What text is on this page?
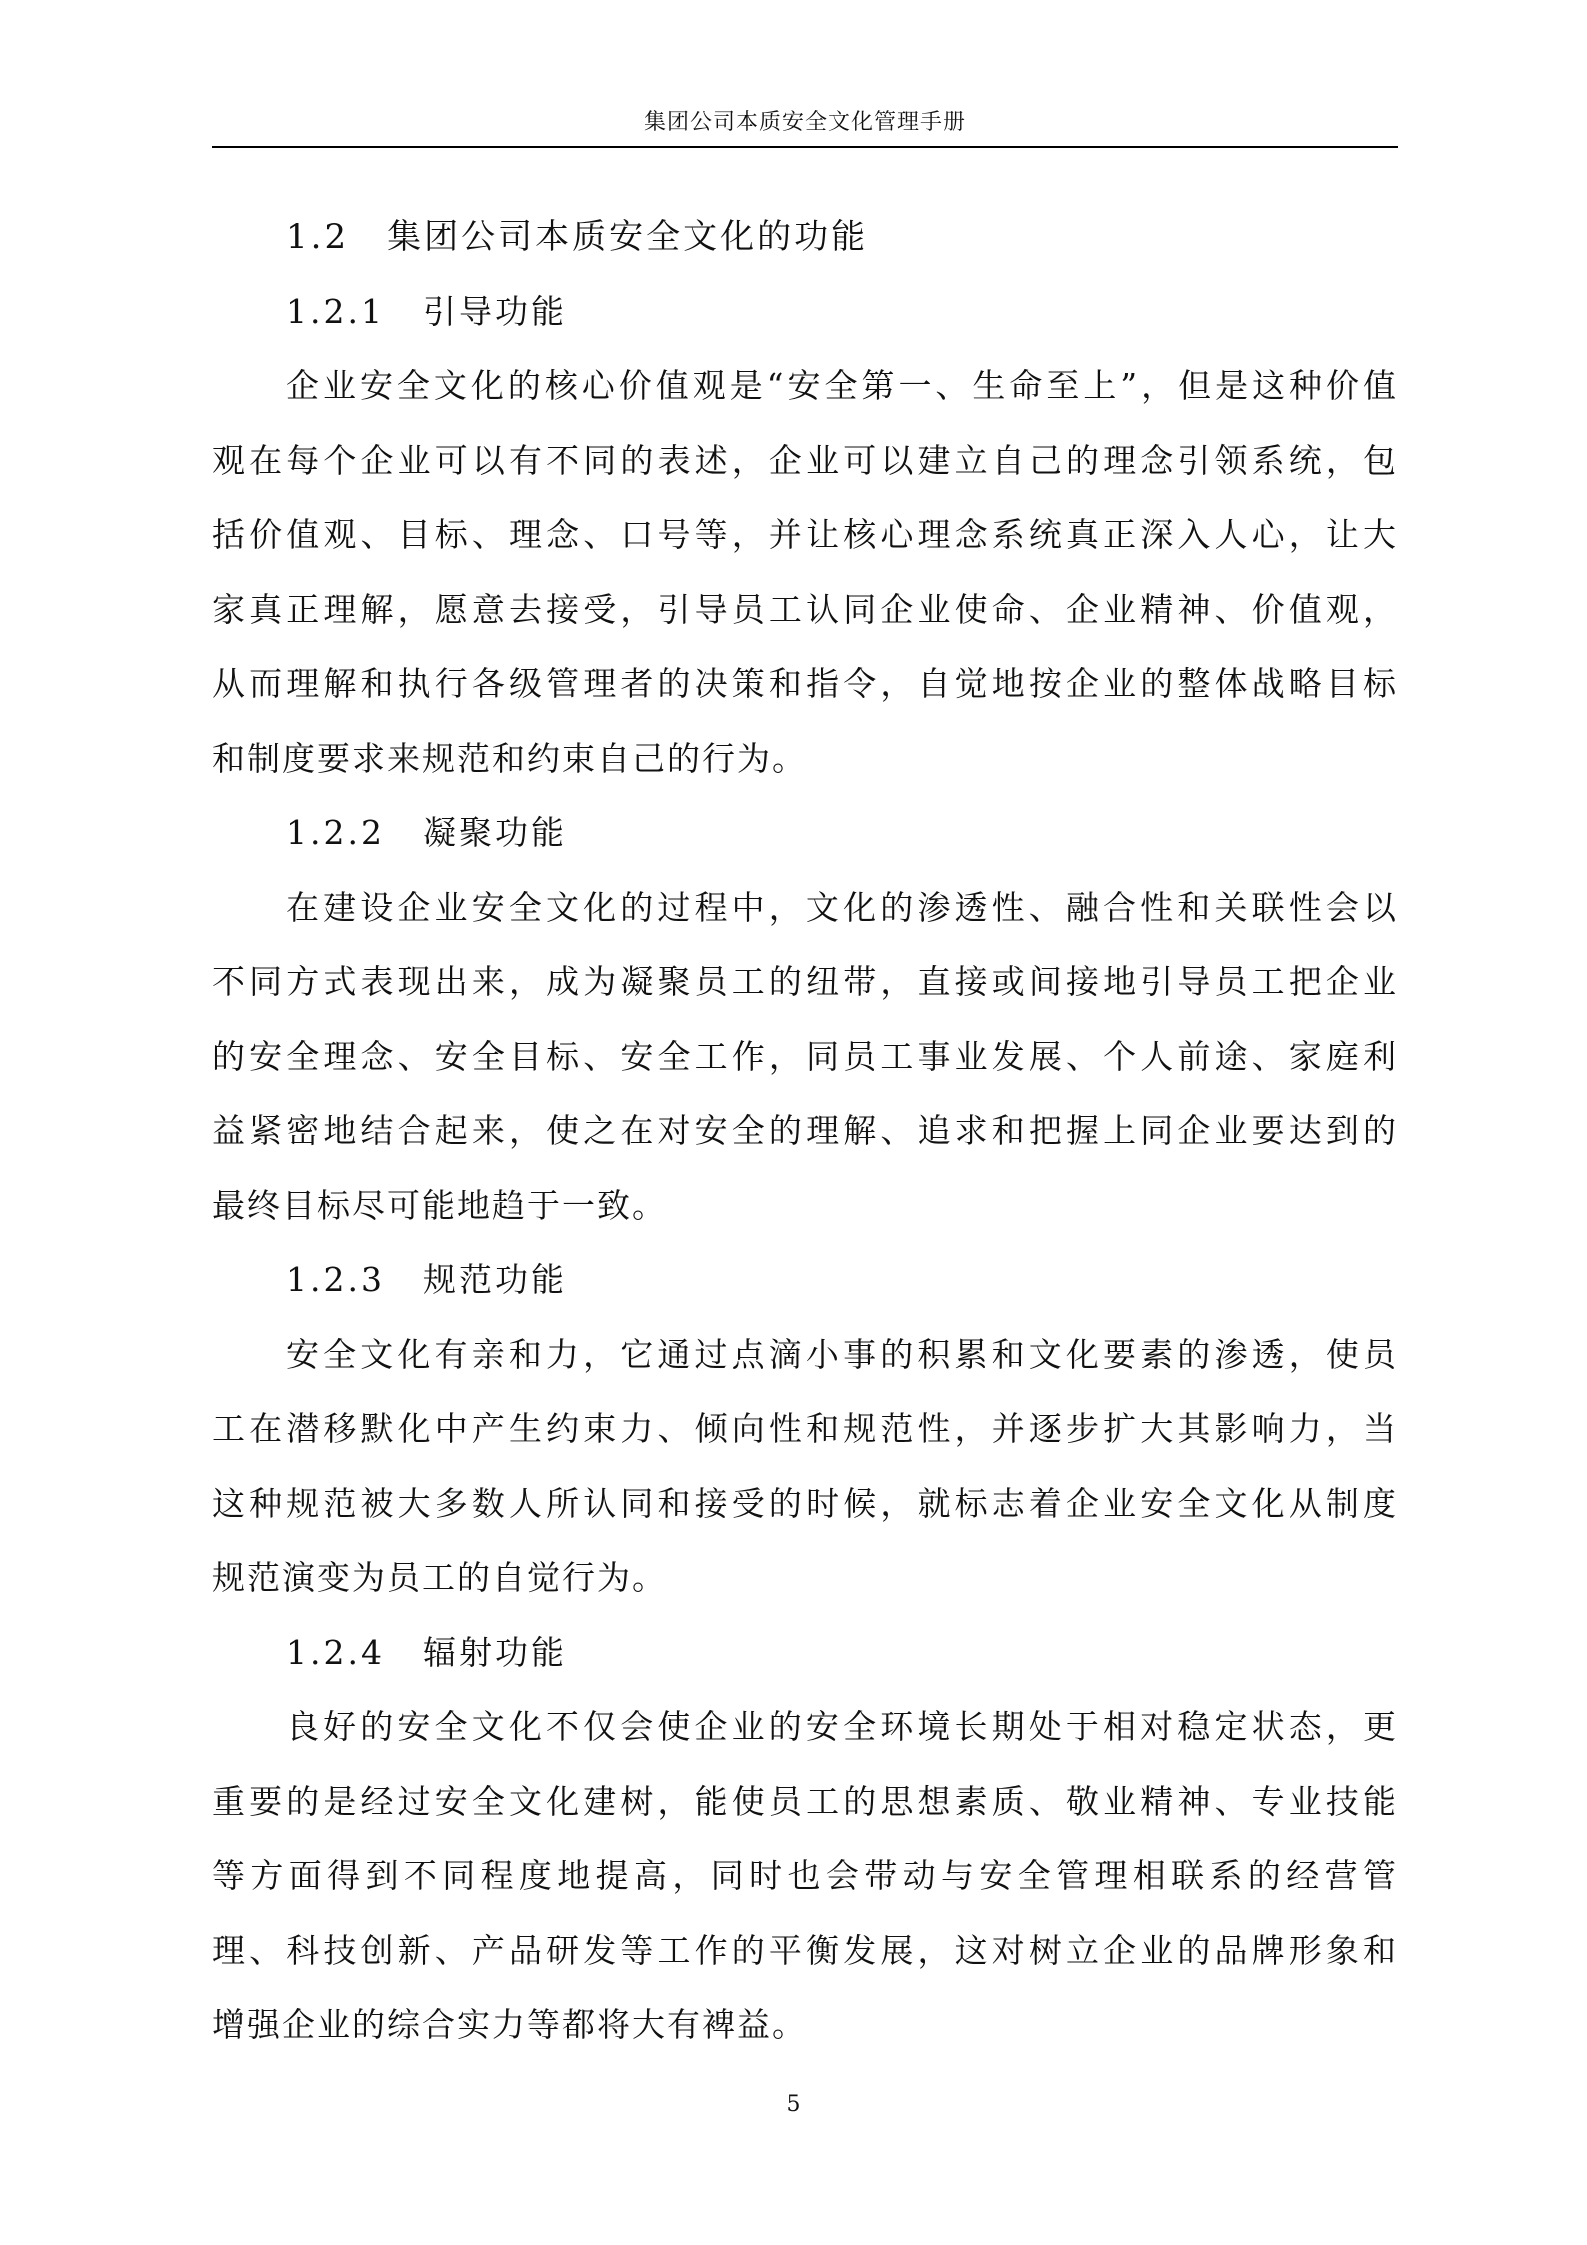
集团公司本质安全文化管理手册
1.2 集团公司本质安全文化的功能
1.2.1 引导功能
企业安全文化的核心价值观是“安全第一、生命至上”，但是这种价值
观在每个企业可以有不同的表述，企业可以建立自己的理念引领系统，包
括价值观、目标、理念、口号等，并让核心理念系统真正深入人心，让大
家真正理解，愿意去接受，引导员工认同企业使命、企业精神、价值观，
从而理解和执行各级管理者的决策和指令，自觉地按企业的整体战略目标
和制度要求来规范和约束自己的行为。
1.2.2 凝聚功能
在建设企业安全文化的过程中，文化的渗透性、融合性和关联性会以
不同方式表现出来，成为凝聚员工的纽带，直接或间接地引导员工把企业
的安全理念、安全目标、安全工作，同员工事业发展、个人前途、家庭利
益紧密地结合起来，使之在对安全的理解、追求和把握上同企业要达到的
最终目标尽可能地趋于一致。
1.2.3 规范功能
安全文化有亲和力，它通过点滴小事的积累和文化要素的渗透，使员
工在潜移默化中产生约束力、倾向性和规范性，并逐步扩大其影响力，当
这种规范被大多数人所认同和接受的时候，就标志着企业安全文化从制度
规范演变为员工的自觉行为。
1.2.4 辐射功能
良好的安全文化不仅会使企业的安全环境长期处于相对稳定状态，更
重要的是经过安全文化建树，能使员工的思想素质、敬业精神、专业技能
等方面得到不同程度地提高，同时也会带动与安全管理相联系的经营管
理、科技创新、产品研发等工作的平衡发展，这对树立企业的品牌形象和
增强企业的综合实力等都将大有裨益。
5
